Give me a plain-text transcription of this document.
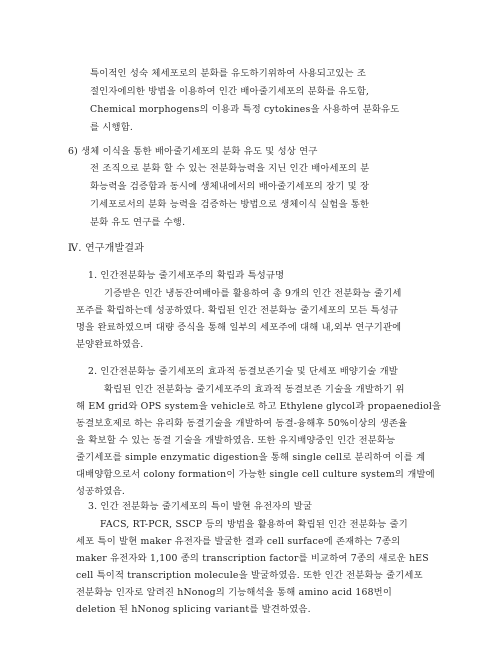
특이적인 성숙 체세포로의 분화를 유도하기위하여 사용되고있는 조
절인자에의한 방법을 이용하여 인간 배아줄기세포의 분화를 유도함,
Chemical morphogens의 이용과 특정 cytokines을 사용하여 분화유도
를 시행함.
6) 생체 이식을 통한 배아줄기세포의 분화 유도 및 성상 연구
전 조직으로 분화 할 수 있는 전분화능력을 지닌 인간 배아세포의 분
화능력을 검증함과 동시에 생체내에서의 배아줄기세포의 장기 및 장
기세포로서의 분화 능력을 검증하는 방법으로 생체이식 실험을 통한
분화 유도 연구를 수행.
Ⅳ. 연구개발결과
1. 인간전분화능 줄기세포주의 확립과 특성규명
기증받은 인간 냉동잔여배아를 활용하여 총 9개의 인간 전분화능 줄기세
포주를 확립하는데 성공하였다. 확립된 인간 전분화능 줄기세포의 모든 특성규
명을 완료하였으며 대량 증식을 통해 일부의 세포주에 대해 내,외부 연구기관에
분양완료하였음.
2. 인간전분화능 줄기세포의 효과적 동결보존기술 및 단세포 배양기술 개발
확립된 인간 전분화능 줄기세포주의 효과적 동결보존 기술을 개발하기 위
해 EM grid와 OPS system을 vehicle로 하고 Ethylene glycol과 propaenediol을
동결보호제로 하는 유리화 동결기술을 개발하여 동결-융해후 50%이상의 생존율
을 확보할 수 있는 동결 기술을 개발하였음. 또한 유지배양중인 인간 전분화능
줄기세포를 simple enzymatic digestion을 통해 single cell로 분리하여 이를 계
대배양함으로서 colony formation이 가능한 single cell culture system의 개발에
성공하였음.
3. 인간 전분화능 줄기세포의 특이 발현 유전자의 발굴
FACS, RT-PCR, SSCP 등의 방법을 활용하여 확립된 인간 전분화능 줄기
세포 특이 발현 maker 유전자를 발굴한 결과 cell surface에 존재하는 7종의
maker 유전자와 1,100 종의 transcription factor를 비교하여 7종의 새로운 hES
cell 특이적 transcription molecule을 발굴하였음. 또한 인간 전분화능 줄기세포
전분화능 인자로 알려진 hNonog의 기능해석을 통해 amino acid 168번이
deletion 된 hNonog splicing variant를 발견하였음.
